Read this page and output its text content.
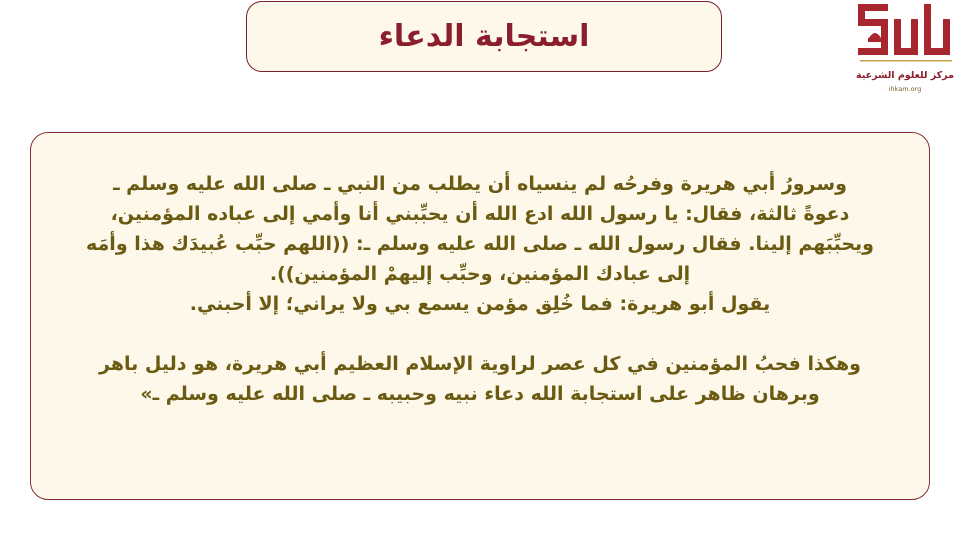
استجابة الدعاء
مركز للعلوم الشرعية
ihkam.org

وسرورُ أبي هريرة وفرحُه لم ينسياه أن يطلب من النبي ـ صلى الله عليه وسلم ـ

دعوةً ثالثة، فقال: يا رسول الله ادع الله أن يحبِّبني أنا وأمي إلى عباده المؤمنين،

ويحبِّبَهم إلينا. فقال رسول الله ـ صلى الله عليه وسلم ـ: ((اللهم حبِّب عُبيدَك هذا وأمَه

إلى عبادك المؤمنين، وحبِّب إليهمْ المؤمنين)).

يقول أبو هريرة: فما خُلِق مؤمن يسمع بي ولا يراني؛ إلا أحبني.

وهكذا فحبُ المؤمنين في كل عصر لراوية الإسلام العظيم أبي هريرة، هو دليل باهر

وبرهان ظاهر على استجابة الله دعاء نبيه وحبيبه ـ صلى الله عليه وسلم ـ»
